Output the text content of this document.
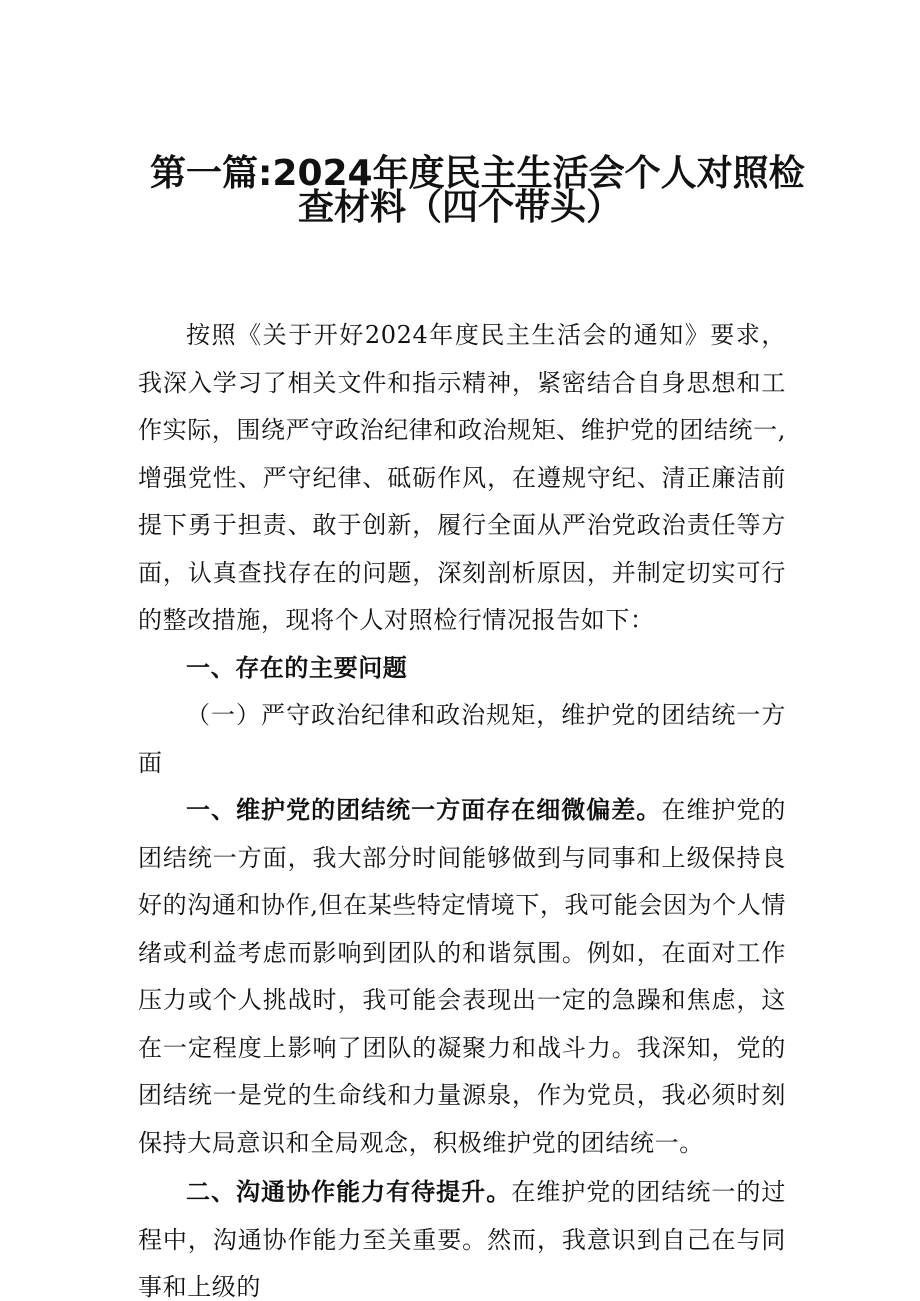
第一篇:2024年度民主生活会个人对照检
查材料（四个带头）

按照《关于开好2024年度民主生活会的通知》要求，我深入学习了相关文件和指示精神，紧密结合自身思想和工作实际，围绕严守政治纪律和政治规矩、维护党的团结统一,增强党性、严守纪律、砥砺作风，在遵规守纪、清正廉洁前提下勇于担责、敢于创新，履行全面从严治党政治责任等方面，认真查找存在的问题，深刻剖析原因，并制定切实可行的整改措施，现将个人对照检行情况报告如下：

一、存在的主要问题

（一）严守政治纪律和政治规矩，维护党的团结统一方面

一、维护党的团结统一方面存在细微偏差。在维护党的团结统一方面，我大部分时间能够做到与同事和上级保持良好的沟通和协作,但在某些特定情境下，我可能会因为个人情绪或利益考虑而影响到团队的和谐氛围。例如，在面对工作压力或个人挑战时，我可能会表现出一定的急躁和焦虑，这在一定程度上影响了团队的凝聚力和战斗力。我深知，党的团结统一是党的生命线和力量源泉，作为党员，我必须时刻保持大局意识和全局观念，积极维护党的团结统一。

二、沟通协作能力有待提升。在维护党的团结统一的过程中，沟通协作能力至关重要。然而，我意识到自己在与同事和上级的
